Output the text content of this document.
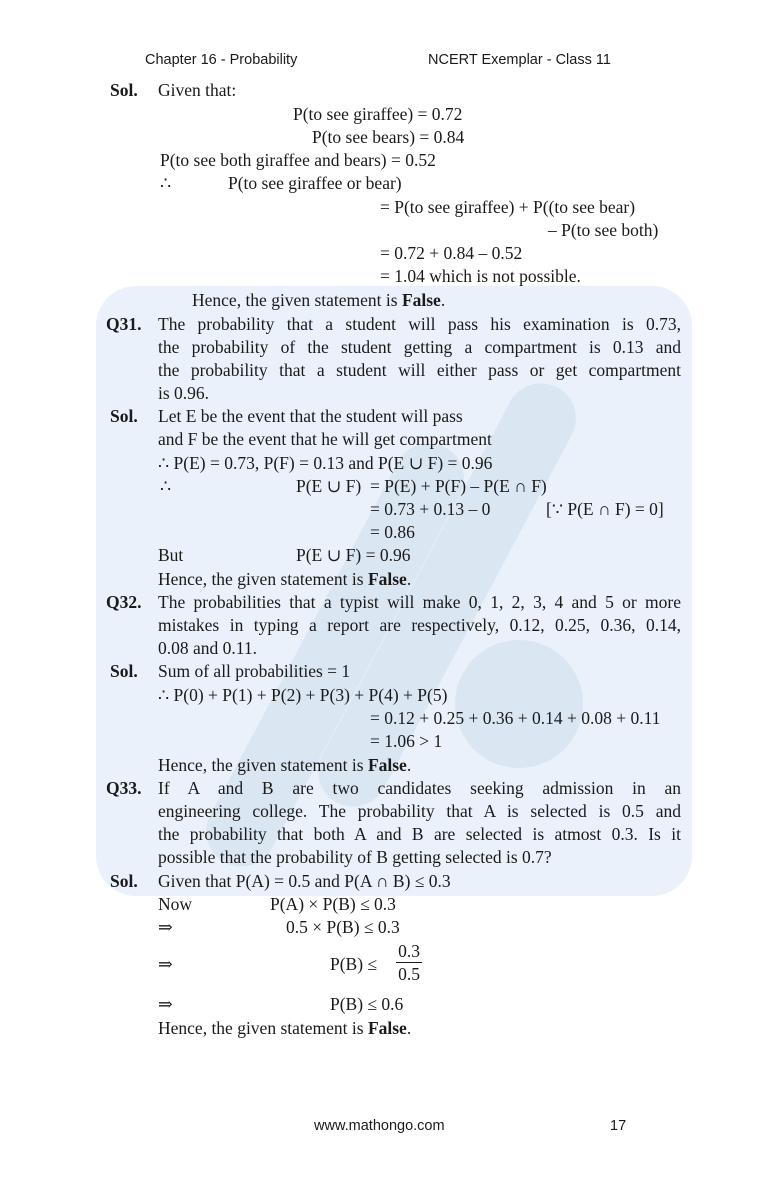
Chapter 16 - Probability	NCERT Exemplar - Class 11
Sol. Given that:
P(to see giraffee) = 0.72
P(to see bears) = 0.84
P(to see both giraffee and bears) = 0.52
∴	P(to see giraffee or bear)
= P(to see giraffee) + P((to see bear)
– P(to see both)
= 0.72 + 0.84 – 0.52
= 1.04 which is not possible.
Hence, the given statement is False.
Q31. The probability that a student will pass his examination is 0.73,
the probability of the student getting a compartment is 0.13 and
the probability that a student will either pass or get compartment
is 0.96.
Sol. Let E be the event that the student will pass
and F be the event that he will get compartment
∴ P(E) = 0.73, P(F) = 0.13 and P(E ∪ F) = 0.96
∴	P(E ∪ F) = P(E) + P(F) – P(E ∩ F)
= 0.73 + 0.13 – 0	[∵ P(E ∩ F) = 0]
= 0.86
But	P(E ∪ F) = 0.96
Hence, the given statement is False.
Q32. The probabilities that a typist will make 0, 1, 2, 3, 4 and 5 or more
mistakes in typing a report are respectively, 0.12, 0.25, 0.36, 0.14,
0.08 and 0.11.
Sol. Sum of all probabilities = 1
∴ P(0) + P(1) + P(2) + P(3) + P(4) + P(5)
= 0.12 + 0.25 + 0.36 + 0.14 + 0.08 + 0.11
= 1.06 > 1
Hence, the given statement is False.
Q33. If A and B are two candidates seeking admission in an
engineering college. The probability that A is selected is 0.5 and
the probability that both A and B are selected is atmost 0.3. Is it
possible that the probability of B getting selected is 0.7?
Sol. Given that P(A) = 0.5 and P(A ∩ B) ≤ 0.3
Now	P(A) × P(B) ≤ 0.3
⇒	0.5 × P(B) ≤ 0.3
⇒	$P(B) \le \frac{0.3}{0.5}$
⇒	P(B) ≤ 0.6
Hence, the given statement is False.
www.mathongo.com	17
